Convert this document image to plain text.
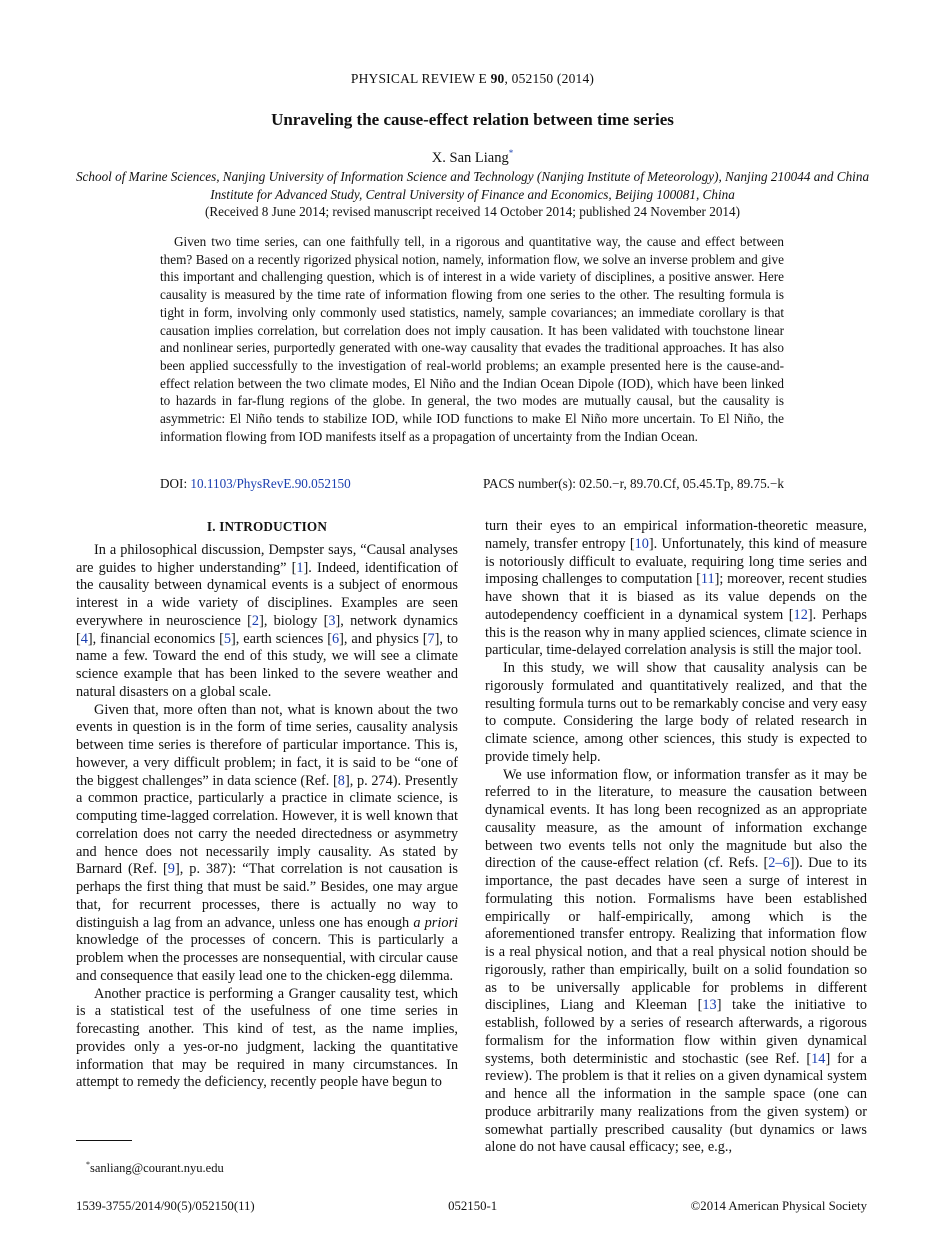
PHYSICAL REVIEW E 90, 052150 (2014)
Unraveling the cause-effect relation between time series
X. San Liang*
School of Marine Sciences, Nanjing University of Information Science and Technology (Nanjing Institute of Meteorology), Nanjing 210044 and China Institute for Advanced Study, Central University of Finance and Economics, Beijing 100081, China
(Received 8 June 2014; revised manuscript received 14 October 2014; published 24 November 2014)
Given two time series, can one faithfully tell, in a rigorous and quantitative way, the cause and effect between them? Based on a recently rigorized physical notion, namely, information flow, we solve an inverse problem and give this important and challenging question, which is of interest in a wide variety of disciplines, a positive answer. Here causality is measured by the time rate of information flowing from one series to the other. The resulting formula is tight in form, involving only commonly used statistics, namely, sample covariances; an immediate corollary is that causation implies correlation, but correlation does not imply causation. It has been validated with touchstone linear and nonlinear series, purportedly generated with one-way causality that evades the traditional approaches. It has also been applied successfully to the investigation of real-world problems; an example presented here is the cause-and-effect relation between the two climate modes, El Niño and the Indian Ocean Dipole (IOD), which have been linked to hazards in far-flung regions of the globe. In general, the two modes are mutually causal, but the causality is asymmetric: El Niño tends to stabilize IOD, while IOD functions to make El Niño more uncertain. To El Niño, the information flowing from IOD manifests itself as a propagation of uncertainty from the Indian Ocean.
DOI: 10.1103/PhysRevE.90.052150	PACS number(s): 02.50.−r, 89.70.Cf, 05.45.Tp, 89.75.−k
I. INTRODUCTION

In a philosophical discussion, Dempster says, “Causal analyses are guides to higher understanding” [1]. Indeed, identification of the causality between dynamical events is a subject of enormous interest in a wide variety of disciplines. Examples are seen everywhere in neuroscience [2], biology [3], network dynamics [4], financial economics [5], earth sciences [6], and physics [7], to name a few. Toward the end of this study, we will see a climate science example that has been linked to the severe weather and natural disasters on a global scale.

Given that, more often than not, what is known about the two events in question is in the form of time series, causality analysis between time series is therefore of particular importance. This is, however, a very difficult problem; in fact, it is said to be “one of the biggest challenges” in data science (Ref. [8], p. 274). Presently a common practice, particularly a practice in climate science, is computing time-lagged correlation. However, it is well known that correlation does not carry the needed directedness or asymmetry and hence does not necessarily imply causality. As stated by Barnard (Ref. [9], p. 387): “That correlation is not causation is perhaps the first thing that must be said.” Besides, one may argue that, for recurrent processes, there is actually no way to distinguish a lag from an advance, unless one has enough a priori knowledge of the processes of concern. This is particularly a problem when the processes are nonsequential, with circular cause and consequence that easily lead one to the chicken-egg dilemma.

Another practice is performing a Granger causality test, which is a statistical test of the usefulness of one time series in forecasting another. This kind of test, as the name implies, provides only a yes-or-no judgment, lacking the quantitative information that may be required in many circumstances. In attempt to remedy the deficiency, recently people have begun to

turn their eyes to an empirical information-theoretic measure, namely, transfer entropy [10]. Unfortunately, this kind of measure is notoriously difficult to evaluate, requiring long time series and imposing challenges to computation [11]; moreover, recent studies have shown that it is biased as its value depends on the autodependency coefficient in a dynamical system [12]. Perhaps this is the reason why in many applied sciences, climate science in particular, time-delayed correlation analysis is still the major tool.

In this study, we will show that causality analysis can be rigorously formulated and quantitatively realized, and that the resulting formula turns out to be remarkably concise and very easy to compute. Considering the large body of related research in climate science, among other sciences, this study is expected to provide timely help.

We use information flow, or information transfer as it may be referred to in the literature, to measure the causation between dynamical events. It has long been recognized as an appropriate causality measure, as the amount of information exchange between two events tells not only the magnitude but also the direction of the cause-effect relation (cf. Refs. [2–6]). Due to its importance, the past decades have seen a surge of interest in formulating this notion. Formalisms have been established empirically or half-empirically, among which is the aforementioned transfer entropy. Realizing that information flow is a real physical notion, and that a real physical notion should be rigorously, rather than empirically, built on a solid foundation so as to be universally applicable for problems in different disciplines, Liang and Kleeman [13] take the initiative to establish, followed by a series of research afterwards, a rigorous formalism for the information flow within given dynamical systems, both deterministic and stochastic (see Ref. [14] for a review). The problem is that it relies on a given dynamical system and hence all the information in the sample space (one can produce arbitrarily many realizations from the given system) or somewhat partially prescribed causality (but dynamics or laws alone do not have causal efficacy; see, e.g.,

*sanliang@courant.nyu.edu
1539-3755/2014/90(5)/052150(11)	052150-1	©2014 American Physical Society
